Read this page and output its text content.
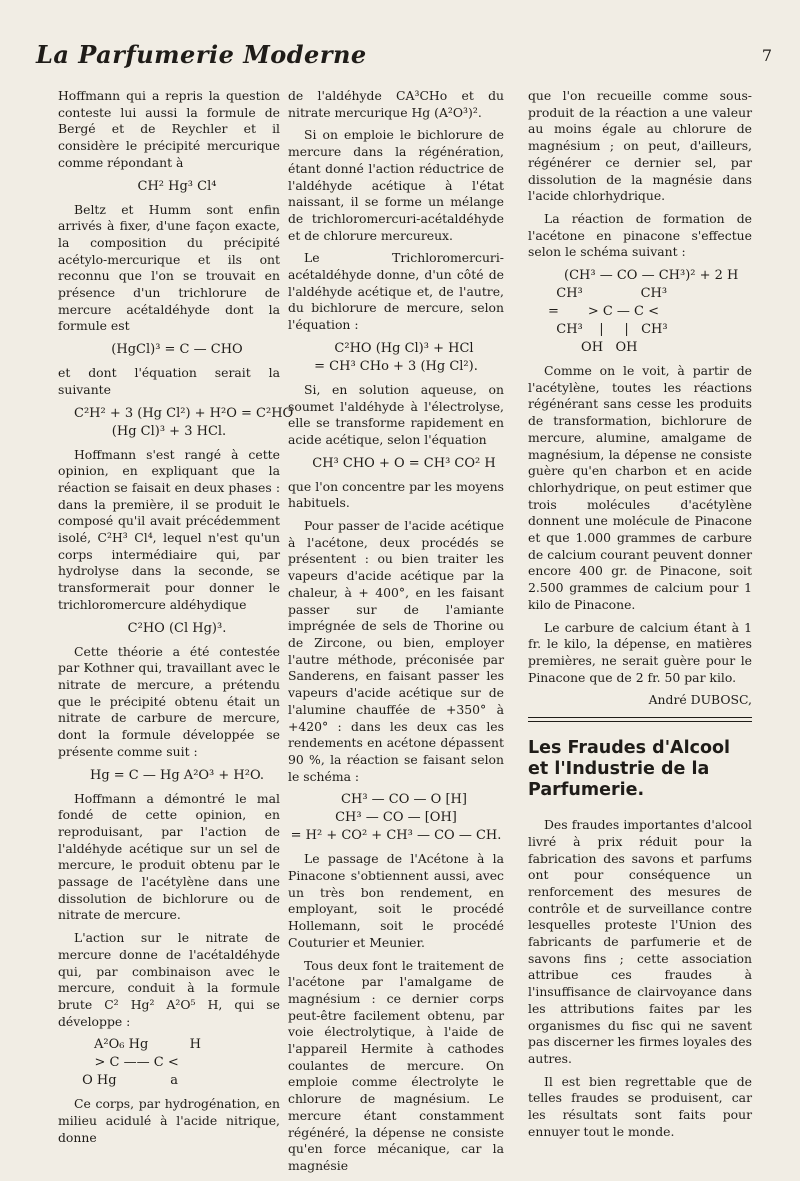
La Parfumerie Moderne	7

Hoffmann qui a repris la question conteste lui aussi la formule de Bergé et de Reychler et il considère le précipité mercurique comme répondant à

CH² Hg³ Cl⁴

Beltz et Humm sont enfin arrivés à fixer, d'une façon exacte, la composition du précipité acétylo-mercurique et ils ont reconnu que l'on se trouvait en présence d'un trichlorure de mercure acétaldéhyde dont la formule est

(HgCl)³ = C — CHO

et dont l'équation serait la suivante

C²H² + 3 (Hg Cl²) + H²O = C²HO
(Hg Cl)³ + 3 HCl.

Hoffmann s'est rangé à cette opinion, en expliquant que la réaction se faisait en deux phases : dans la première, il se produit le composé qu'il avait précédemment isolé, C²H³ Cl⁴, lequel n'est qu'un corps intermédiaire qui, par hydrolyse dans la seconde, se transformerait pour donner le trichloromercure aldéhydique

C²HO (Cl Hg)³.

Cette théorie a été contestée par Kothner qui, travaillant avec le nitrate de mercure, a prétendu que le précipité obtenu était un nitrate de carbure de mercure, dont la formule développée se présente comme suit :

Hg = C — Hg A²O³ + H²O.

Hoffmann a démontré le mal fondé de cette opinion, en reproduisant, par l'action de l'aldéhyde acétique sur un sel de mercure, le produit obtenu par le passage de l'acétylène dans une dissolution de bichlorure ou de nitrate de mercure.

L'action sur le nitrate de mercure donne de l'acétaldéhyde qui, par combinaison avec le mercure, conduit à la formule brute C² Hg² A²O⁵ H, qui se développe :

A²O₆ Hg          H
> C —— C <
O Hg             a

Ce corps, par hydrogénation, en milieu acidulé à l'acide nitrique, donne

de l'aldéhyde CA³CHo et du nitrate mercurique Hg (A²O³)².

Si on emploie le bichlorure de mercure dans la régénération, étant donné l'action réductrice de l'aldéhyde acétique à l'état naissant, il se forme un mélange de trichloromercuri-acétaldéhyde et de chlorure mercureux.

Le Trichloromercuri-acétaldéhyde donne, d'un côté de l'aldéhyde acétique et, de l'autre, du bichlorure de mercure, selon l'équation :

C²HO (Hg Cl)³ + HCl
= CH³ CHo + 3 (Hg Cl²).

Si, en solution aqueuse, on soumet l'aldéhyde à l'électrolyse, elle se transforme rapidement en acide acétique, selon l'équation

CH³ CHO + O = CH³ CO² H

que l'on concentre par les moyens habituels.

Pour passer de l'acide acétique à l'acétone, deux procédés se présentent : ou bien traiter les vapeurs d'acide acétique par la chaleur, à + 400°, en les faisant passer sur de l'amiante imprégnée de sels de Thorine ou de Zircone, ou bien, employer l'autre méthode, préconisée par Sanderens, en faisant passer les vapeurs d'acide acétique sur de l'alumine chauffée de +350° à +420° : dans les deux cas les rendements en acétone dépassent 90 %, la réaction se faisant selon le schéma :

CH³ — CO — O [H]
CH³ — CO — [OH]
= H² + CO² + CH³ — CO — CH.

Le passage de l'Acétone à la Pinacone s'obtiennent aussi, avec un très bon rendement, en employant, soit le procédé Hollemann, soit le procédé Couturier et Meunier.

Tous deux font le traitement de l'acétone par l'amalgame de magnésium : ce dernier corps peut-être facilement obtenu, par voie électrolytique, à l'aide de l'appareil Hermite à cathodes coulantes de mercure. On emploie comme électrolyte le chlorure de magnésium. Le mercure étant constamment régénéré, la dépense ne consiste qu'en force mécanique, car la magnésie

que l'on recueille comme sous-produit de la réaction a une valeur au moins égale au chlorure de magnésium ; on peut, d'ailleurs, régénérer ce dernier sel, par dissolution de la magnésie dans l'acide chlorhydrique.

La réaction de formation de l'acétone en pinacone s'effectue selon le schéma suivant :

(CH³ — CO — CH³)² + 2 H
CH³              CH³
=       > C — C <
CH³    |     |   CH³
OH   OH

Comme on le voit, à partir de l'acétylène, toutes les réactions régénérant sans cesse les produits de transformation, bichlorure de mercure, alumine, amalgame de magnésium, la dépense ne consiste guère qu'en charbon et en acide chlorhydrique, on peut estimer que trois molécules d'acétylène donnent une molécule de Pinacone et que 1.000 grammes de carbure de calcium courant peuvent donner encore 400 gr. de Pinacone, soit 2.500 grammes de calcium pour 1 kilo de Pinacone.

Le carbure de calcium étant à 1 fr. le kilo, la dépense, en matières premières, ne serait guère pour le Pinacone que de 2 fr. 50 par kilo.

André DUBOSC,

Les Fraudes d'Alcool et l'Industrie de la Parfumerie.

Des fraudes importantes d'alcool livré à prix réduit pour la fabrication des savons et parfums ont pour conséquence un renforcement des mesures de contrôle et de surveillance contre lesquelles proteste l'Union des fabricants de parfumerie et de savons fins ; cette association attribue ces fraudes à l'insuffisance de clairvoyance dans les attributions faites par les organismes du fisc qui ne savent pas discerner les firmes loyales des autres.

Il est bien regrettable que de telles fraudes se produisent, car les résultats sont faits pour ennuyer tout le monde.
